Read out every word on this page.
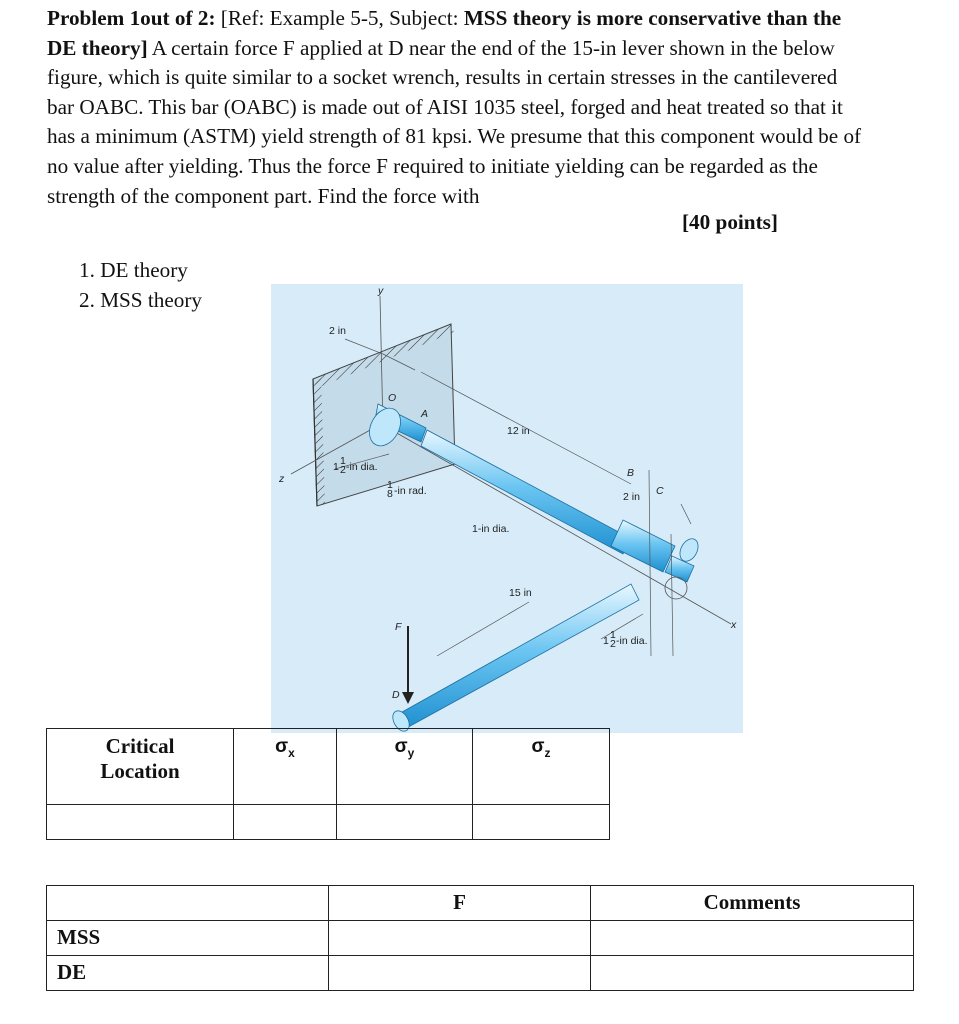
Problem 1out of 2: [Ref: Example 5-5, Subject: MSS theory is more conservative than the DE theory] A certain force F applied at D near the end of the 15-in lever shown in the below figure, which is quite similar to a socket wrench, results in certain stresses in the cantilevered bar OABC. This bar (OABC) is made out of AISI 1035 steel, forged and heat treated so that it has a minimum (ASTM) yield strength of 81 kpsi. We presume that this component would be of no value after yielding. Thus the force F required to initiate yielding can be regarded as the strength of the component part. Find the force with
[40 points]
1. DE theory
2. MSS theory	y
2 in
O
A
12 in
1 1
2 -in dia.
1
8 -in rad.
z
1-in dia.
B
2 in C
15 in
F
D
x
1 1
2 -in dia.
Critical
Location	$\sigma_x$	$\sigma_y$	$\sigma_z$

	F	Comments
MSS		
DE		
